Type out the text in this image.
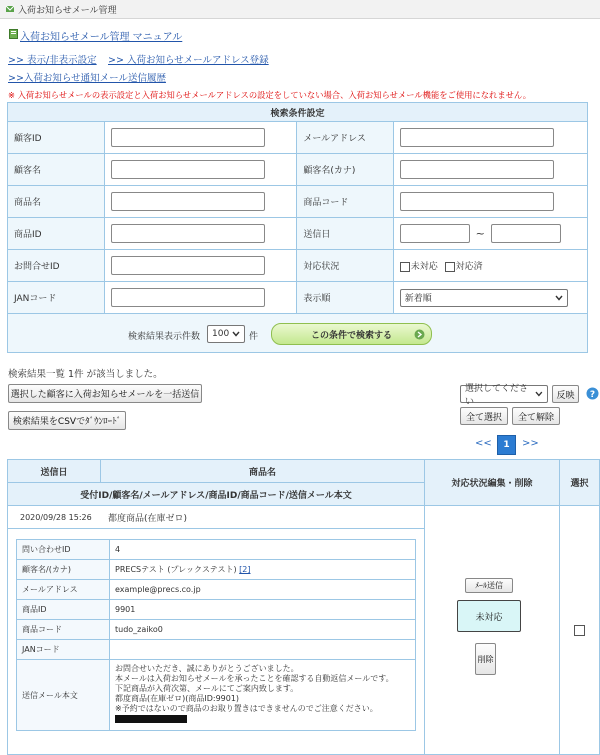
入荷お知らせメール管理
入荷お知らせメール管理 マニュアル
>> 表示/非表示設定 >> 入荷お知らせメールアドレス登録
>>入荷お知らせ通知メール送信履歴
※ 入荷お知らせメールの表示設定と入荷お知らせメールアドレスの設定をしていない場合、入荷お知らせメール機能をご使用になれません。
検索条件設定			
顧客ID		メールアドレス	

顧客名		顧客名(カナ)	

商品名		商品コード	

商品ID		送信日	~
お問合せID		対応状況	未対応 対応済
JANコード		表示順	新着順

検索結果表示件数 100 件	この条件で検索する
検索結果一覧 1件 が該当しました。
選択した顧客に入荷お知らせメールを一括送信
検索結果をCSVでﾀﾞｳﾝﾛｰﾄﾞ
選択してください
反映 ?
全て選択 全て解除
<<	1	>>
送信日	商品名	対応状況編集・削除	選択
受付ID/顧客名/メールアドレス/商品ID/商品コード/送信メール本文

2020/09/28 15:26	都度商品(在庫ゼロ)
問い合わせID	4
顧客名/(カナ)	PRECSテスト (プレックステスト) [2]
メールアドレス	example@precs.co.jp
商品ID	9901
商品コード	tudo_zaiko0
JANコード	
送信メール本文	
お問合せいただき、誠にありがとうございました。
本メールは入荷お知らせメールを承ったことを確認する自動返信メールです。
下記商品が入荷次第、メールにてご案内致します。
都度商品(在庫ゼロ)(商品ID:9901)
※予約ではないので商品のお取り置きはできませんのでご注意ください。

ﾒｰﾙ送信
未対応
削除
